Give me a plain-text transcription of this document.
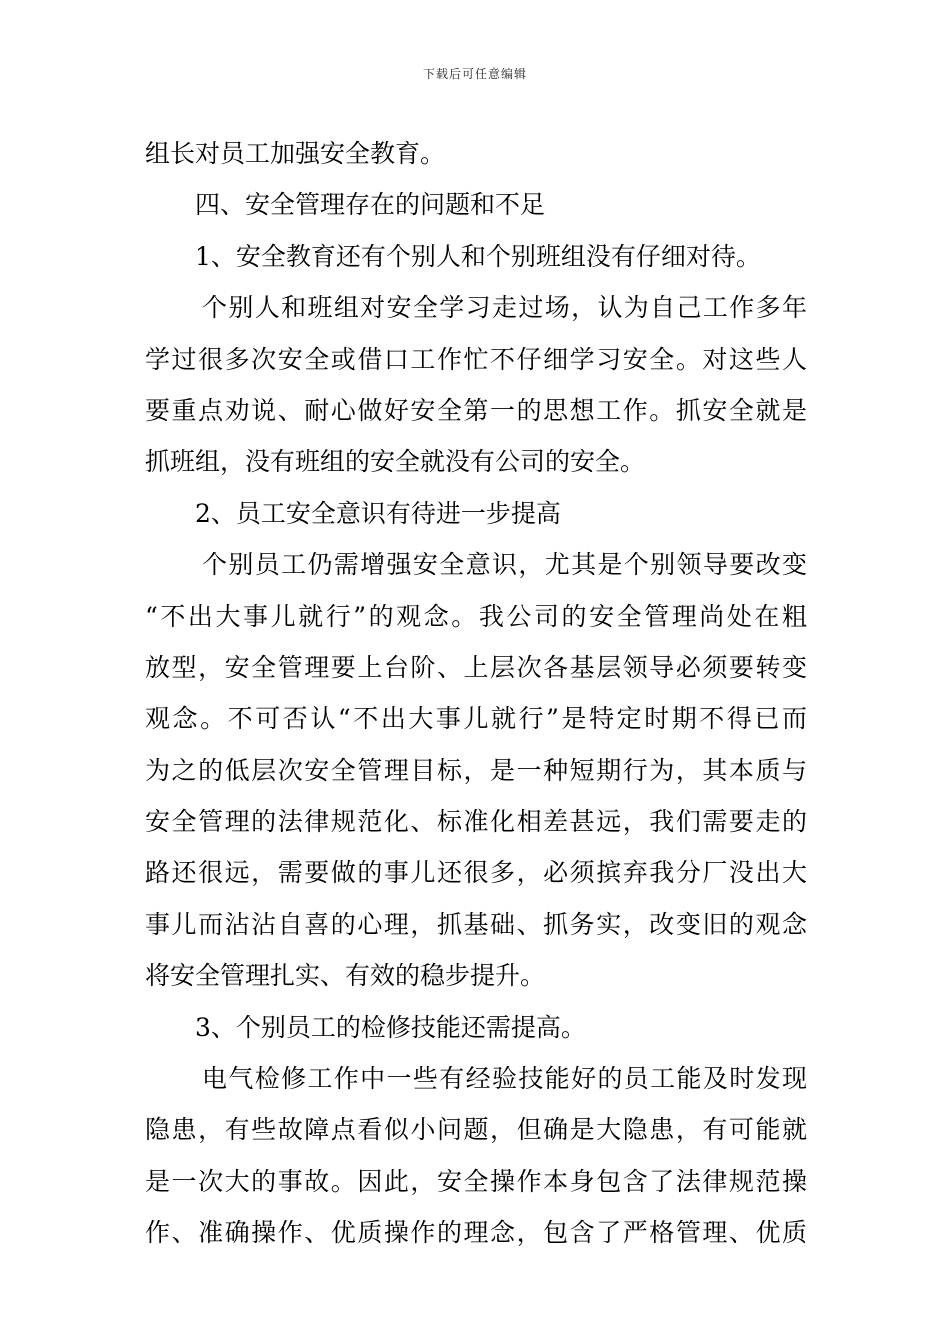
下载后可任意编辑
组长对员工加强安全教育。
四、安全管理存在的问题和不足
1、安全教育还有个别人和个别班组没有仔细对待。
个别人和班组对安全学习走过场，认为自己工作多年
学过很多次安全或借口工作忙不仔细学习安全。对这些人
要重点劝说、耐心做好安全第一的思想工作。抓安全就是
抓班组，没有班组的安全就没有公司的安全。
2、员工安全意识有待进一步提高
个别员工仍需增强安全意识，尤其是个别领导要改变
“不出大事儿就行”的观念。我公司的安全管理尚处在粗
放型，安全管理要上台阶、上层次各基层领导必须要转变
观念。不可否认“不出大事儿就行”是特定时期不得已而
为之的低层次安全管理目标，是一种短期行为，其本质与
安全管理的法律规范化、标准化相差甚远，我们需要走的
路还很远，需要做的事儿还很多，必须摈弃我分厂没出大
事儿而沾沾自喜的心理，抓基础、抓务实，改变旧的观念
将安全管理扎实、有效的稳步提升。
3、个别员工的检修技能还需提高。
电气检修工作中一些有经验技能好的员工能及时发现
隐患，有些故障点看似小问题，但确是大隐患，有可能就
是一次大的事故。因此，安全操作本身包含了法律规范操
作、准确操作、优质操作的理念，包含了严格管理、优质
